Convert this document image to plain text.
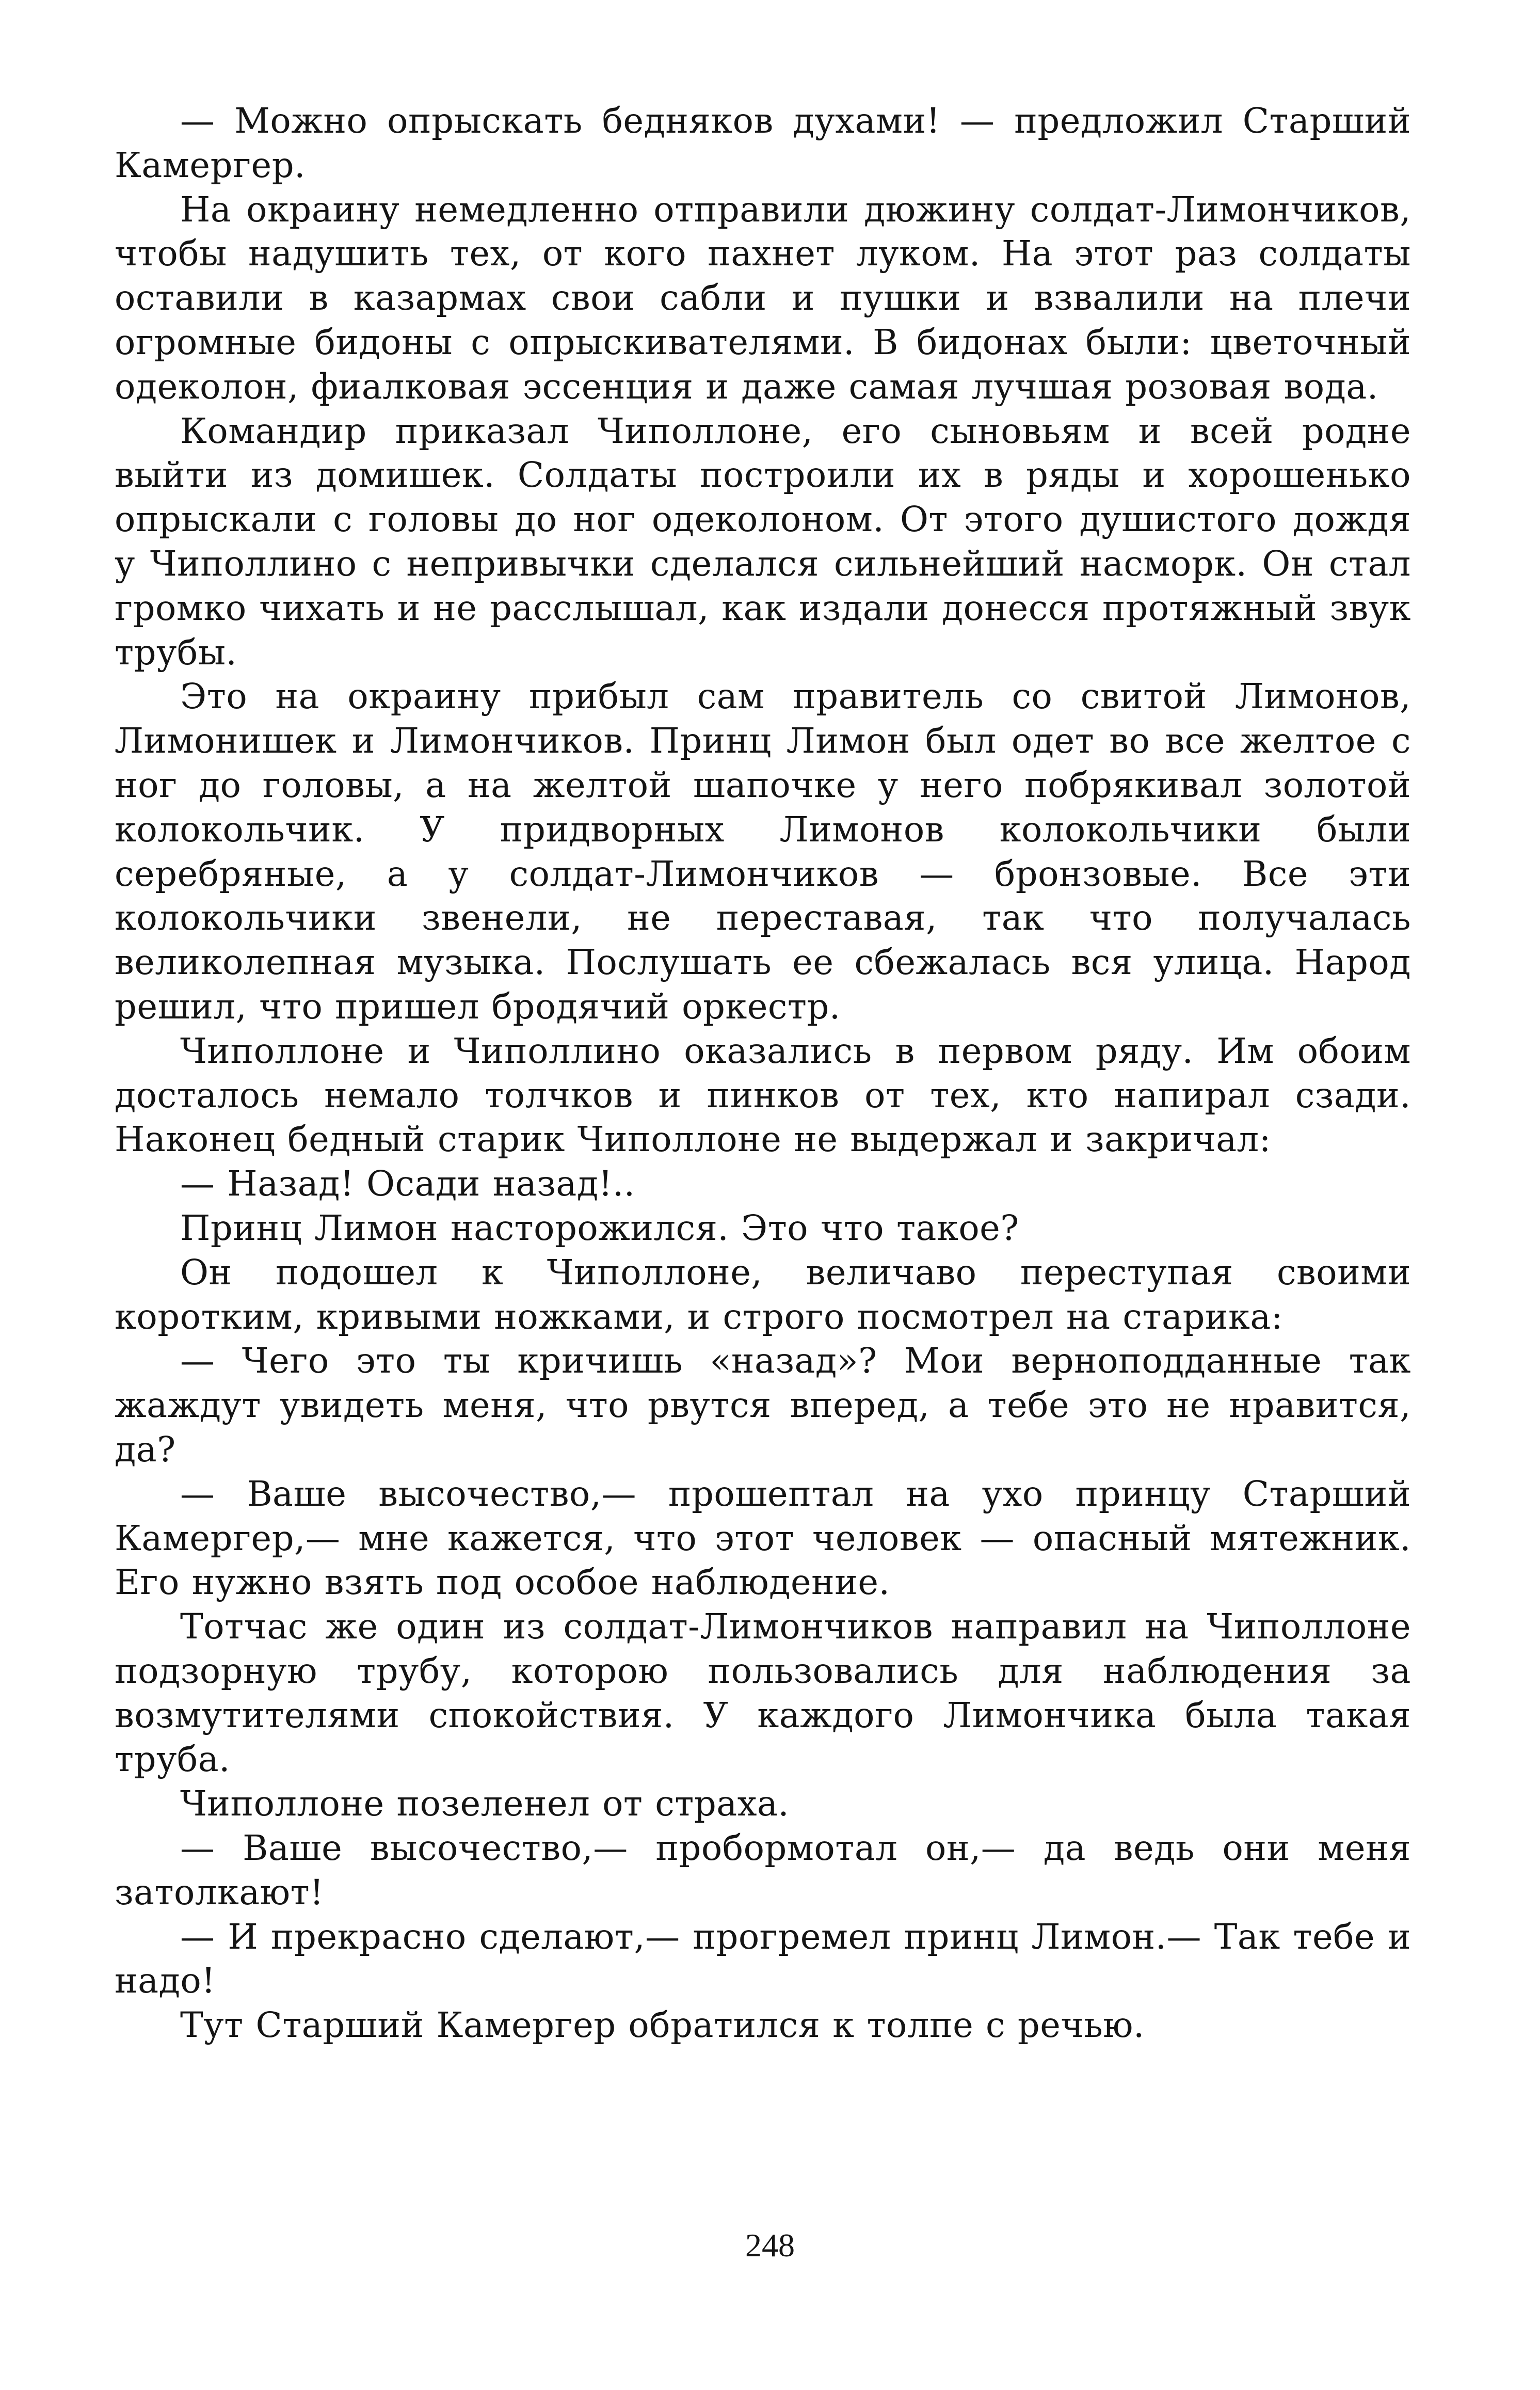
— Можно опрыскать бедняков духами! — предложил Старший Камергер.

На окраину немедленно отправили дюжину солдат-Лимончиков, чтобы надушить тех, от кого пахнет луком. На этот раз солдаты оставили в казармах свои сабли и пушки и взвалили на плечи огромные бидоны с опрыскивателями. В бидонах были: цветочный одеколон, фиалковая эссенция и даже самая лучшая розовая вода.

Командир приказал Чиполлоне, его сыновьям и всей родне выйти из домишек. Солдаты построили их в ряды и хорошенько опрыскали с головы до ног одеколоном. От этого душистого дождя у Чиполлино с непривычки сделался сильнейший насморк. Он стал громко чихать и не расслышал, как издали донесся протяжный звук трубы.

Это на окраину прибыл сам правитель со свитой Лимонов, Лимонишек и Лимончиков. Принц Лимон был одет во все желтое с ног до головы, а на желтой шапочке у него побрякивал золотой колокольчик. У придворных Лимонов колокольчики были серебряные, а у солдат-Лимончиков — бронзовые. Все эти колокольчики звенели, не переставая, так что получалась великолепная музыка. Послушать ее сбежалась вся улица. Народ решил, что пришел бродячий оркестр.

Чиполлоне и Чиполлино оказались в первом ряду. Им обоим досталось немало толчков и пинков от тех, кто напирал сзади. Наконец бедный старик Чиполлоне не выдержал и закричал:

— Назад! Осади назад!..

Принц Лимон насторожился. Это что такое?

Он подошел к Чиполлоне, величаво переступая своими коротким, кривыми ножками, и строго посмотрел на старика:

— Чего это ты кричишь «назад»? Мои верноподданные так жаждут увидеть меня, что рвутся вперед, а тебе это не нравится, да?

— Ваше высочество,— прошептал на ухо принцу Старший Камергер,— мне кажется, что этот человек — опасный мятежник. Его нужно взять под особое наблюдение.

Тотчас же один из солдат-Лимончиков направил на Чиполлоне подзорную трубу, которою пользовались для наблюдения за возмутителями спокойствия. У каждого Лимончика была такая труба.

Чиполлоне позеленел от страха.

— Ваше высочество,— пробормотал он,— да ведь они меня затолкают!

— И прекрасно сделают,— прогремел принц Лимон.— Так тебе и надо!

Тут Старший Камергер обратился к толпе с речью.

248
